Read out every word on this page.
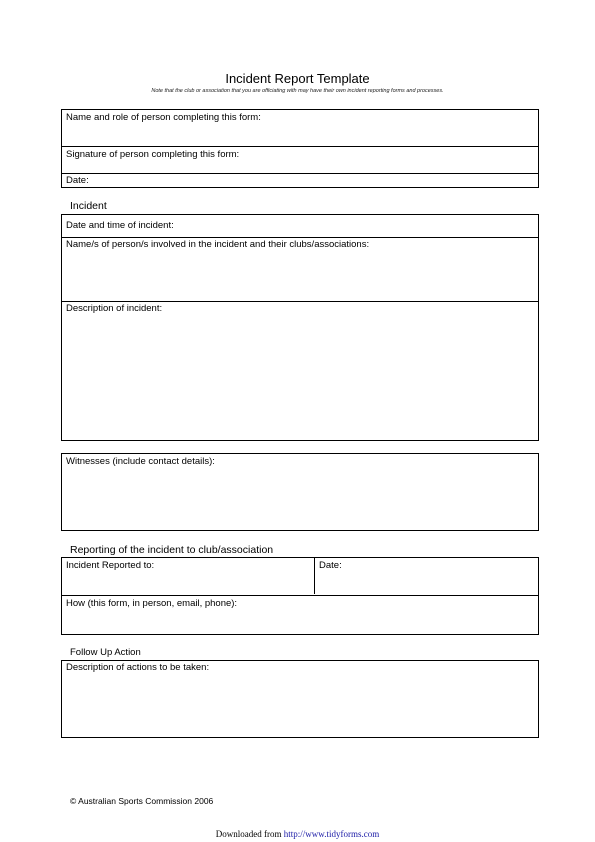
Incident Report Template
Note that the club or association that you are officiating with may have their own incident reporting forms and processes.
Name and role of person completing this form:
Signature of person completing this form:
Date:
Incident
Date and time of incident:
Name/s of person/s involved in the incident and their clubs/associations:
Description of incident:
Witnesses (include contact details):
Reporting of the incident to club/association
Incident Reported to:	Date:
How (this form, in person, email, phone):
Follow Up Action
Description of actions to be taken:
© Australian Sports Commission 2006
Downloaded from http://www.tidyforms.com
